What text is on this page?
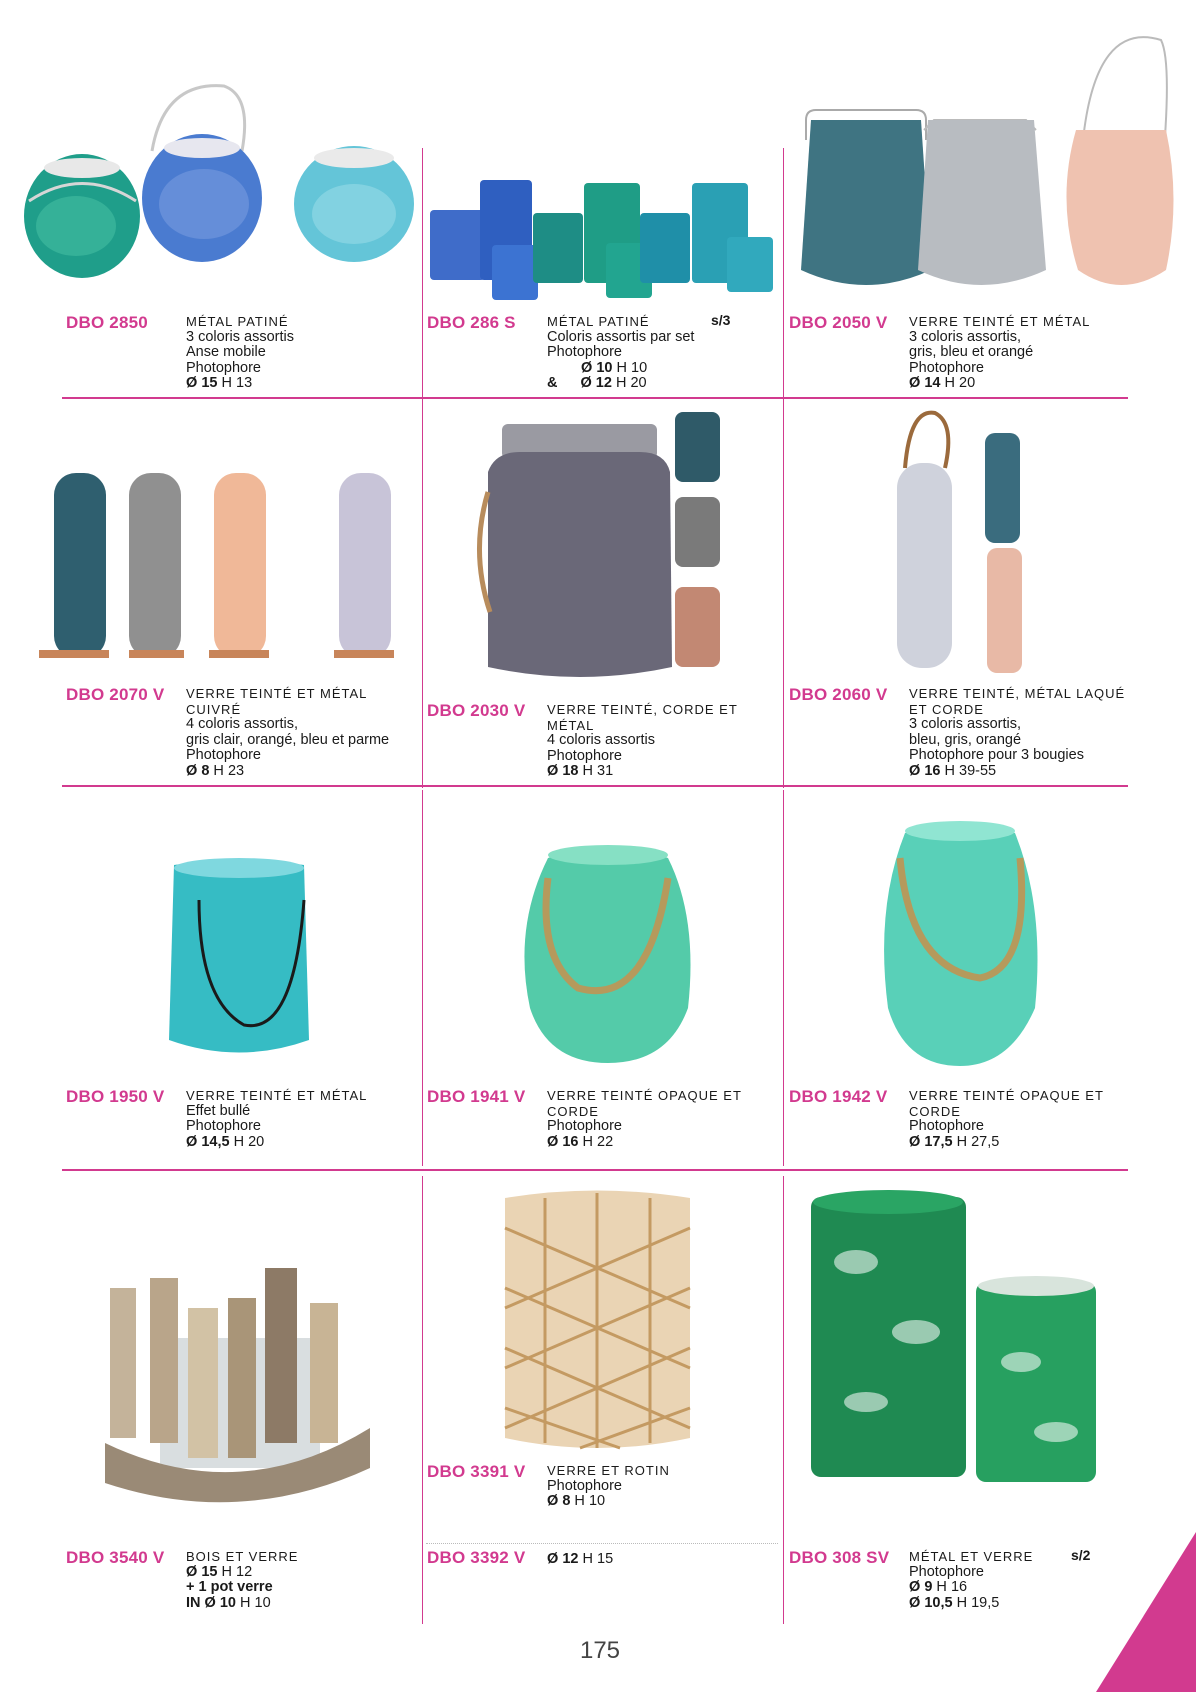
DBO 2850	MÉTAL PATINÉ
3 coloris assortis
Anse mobile
Photophore
Ø 15 H 13
DBO 286 S	s/3
MÉTAL PATINÉ
Coloris assortis par set
Photophore
Ø 10 H 10
& Ø 12 H 20
DBO 2050 V VERRE TEINTÉ ET MÉTAL
3 coloris assortis,
gris, bleu et orangé
Photophore
Ø 14 H 20
DBO 2070 V VERRE TEINTÉ ET MÉTAL
CUIVRÉ
4 coloris assortis,
gris clair, orangé, bleu et parme
Photophore
Ø 8 H 23
DBO 2030 V VERRE TEINTÉ, CORDE ET
MÉTAL
4 coloris assortis
Photophore
Ø 18 H 31
DBO 2060 V VERRE TEINTÉ, MÉTAL LAQUÉ
ET CORDE
3 coloris assortis,
bleu, gris, orangé
Photophore pour 3 bougies
Ø 16 H 39-55
DBO 1950 V VERRE TEINTÉ ET MÉTAL
Effet bullé
Photophore
Ø 14,5 H 20
DBO 1941 V VERRE TEINTÉ OPAQUE ET
CORDE
Photophore
Ø 16 H 22
DBO 1942 V VERRE TEINTÉ OPAQUE ET
CORDE
Photophore
Ø 17,5 H 27,5
DBO 3391 V VERRE ET ROTIN
Photophore
Ø 8 H 10
DBO 3540 V BOIS ET VERRE
Ø 15 H 12
+ 1 pot verre
IN Ø 10 H 10
DBO 3392 V Ø 12 H 15	DBO 308 SV	s/2
MÉTAL ET VERRE
Photophore
Ø 9 H 16
Ø 10,5 H 19,5
175
